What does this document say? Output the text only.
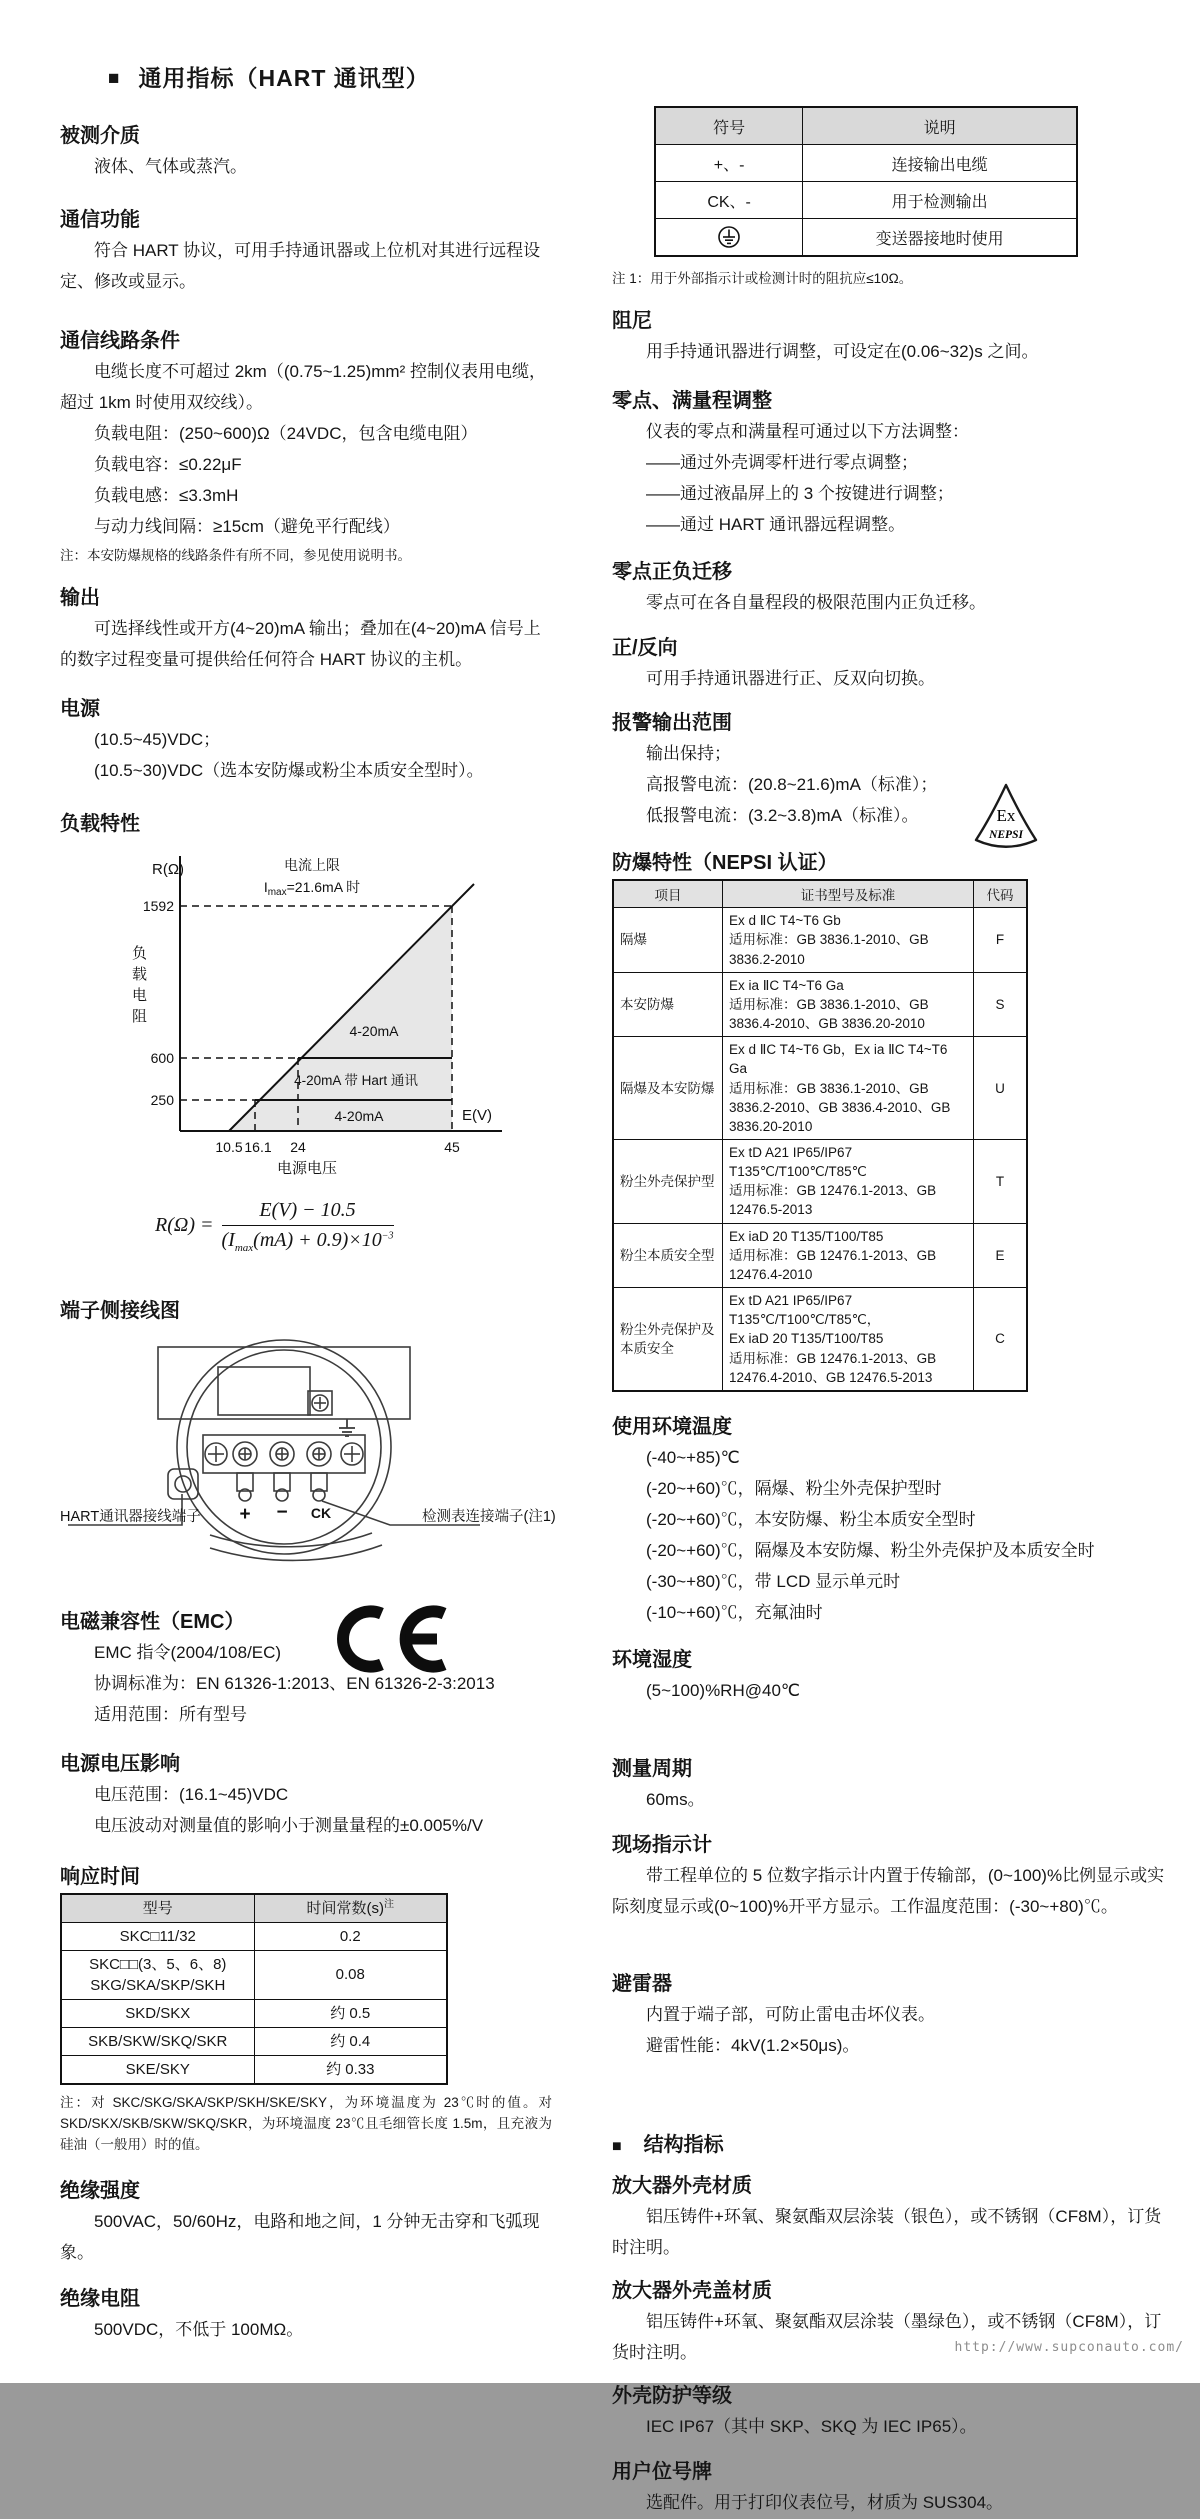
■ 通用指标（HART 通讯型）
被测介质

液体、气体或蒸汽。

通信功能

符合 HART 协议，可用手持通讯器或上位机对其进行远程设定、修改或显示。

通信线路条件

电缆长度不可超过 2km（(0.75~1.25)mm² 控制仪表用电缆，超过 1km 时使用双绞线）。

负载电阻：(250~600)Ω（24VDC，包含电缆电阻）

负载电容：≤0.22μF

负载电感：≤3.3mH

与动力线间隔：≥15cm（避免平行配线）

注：本安防爆规格的线路条件有所不同，参见使用说明书。
输出

可选择线性或开方(4~20)mA 输出；叠加在(4~20)mA 信号上的数字过程变量可提供给任何符合 HART 协议的主机。

电源

(10.5~45)VDC；

(10.5~30)VDC（选本安防爆或粉尘本质安全型时）。

负载特性
R(Ω)
负 载 电 阻
1592
600
250
电流上限
$I_{max}=21.6mA$ 时
4-20mA
4-20mA 带 Hart 通讯
4-20mA	E(V)
10.5 16.1 24	45
电源电压
$R(\Omega) = \frac{E(V) - 10.5}{(I_{max}(mA) + 0.9)\times 10^{-3}}$
端子侧接线图
+ − CK
HART通讯器接线端子	检测表连接端子(注1)
电磁兼容性（EMC）

EMC 指令(2004/108/EC)

协调标准为：EN 61326-1:2013、EN 61326-2-3:2013

适用范围：所有型号

电源电压影响

电压范围：(16.1~45)VDC

电压波动对测量值的影响小于测量量程的±0.005%/V

响应时间
型号	时间常数$(s)^注$
SKC□11/32	0.2

SKC□□(3、5、6、8)
SKG/SKA/SKP/SKH	0.08
SKD/SKX	约 0.5
SKB/SKW/SKQ/SKR	约 0.4
SKE/SKY	约 0.33
注：对 SKC/SKG/SKA/SKP/SKH/SKE/SKY，为环境温度为 23℃时的值。对 SKD/SKX/SKB/SKW/SKQ/SKR，为环境温度 23℃且毛细管长度 1.5m，且充液为硅油（一般用）时的值。
绝缘强度

500VAC，50/60Hz，电路和地之间，1 分钟无击穿和飞弧现象。

绝缘电阻

500VDC，不低于 100MΩ。

符号	说明
+、-	连接输出电缆
CK、-	用于检测输出
	变送器接地时使用
注 1：用于外部指示计或检测计时的阻抗应≤10Ω。
阻尼

用手持通讯器进行调整，可设定在(0.06~32)s 之间。

零点、满量程调整

仪表的零点和满量程可通过以下方法调整：

——通过外壳调零杆进行零点调整；

——通过液晶屏上的 3 个按键进行调整；

——通过 HART 通讯器远程调整。

零点正负迁移

零点可在各自量程段的极限范围内正负迁移。

正/反向

可用手持通讯器进行正、反双向切换。

报警输出范围

输出保持；

高报警电流：(20.8~21.6)mA（标准）；

低报警电流：(3.2~3.8)mA（标准）。	Ex
NEPSI
防爆特性（NEPSI 认证）
项目	证书型号及标准	代码
隔爆	Ex d ⅡC T4~T6 Gb
适用标准：GB 3836.1-2010、GB 3836.2-2010	F
本安防爆	Ex ia ⅡC T4~T6 Ga
适用标准：GB 3836.1-2010、GB 3836.4-2010、GB 3836.20-2010	S
隔爆及本安防爆	Ex d ⅡC T4~T6 Gb，Ex ia ⅡC T4~T6 Ga
适用标准：GB 3836.1-2010、GB 3836.2-2010、GB 3836.4-2010、GB 3836.20-2010	U
粉尘外壳保护型	Ex tD A21 IP65/IP67 T135℃/T100℃/T85℃
适用标准：GB 12476.1-2013、GB 12476.5-2013	T
粉尘本质安全型	Ex iaD 20 T135/T100/T85
适用标准：GB 12476.1-2013、GB 12476.4-2010	E
粉尘外壳保护及本质安全	Ex tD A21 IP65/IP67 T135℃/T100℃/T85℃，
Ex iaD 20 T135/T100/T85
适用标准：GB 12476.1-2013、GB 12476.4-2010、GB 12476.5-2013	C
使用环境温度

(-40~+85)℃

(-20~+60)℃，隔爆、粉尘外壳保护型时

(-20~+60)℃，本安防爆、粉尘本质安全型时

(-20~+60)℃，隔爆及本安防爆、粉尘外壳保护及本质安全时

(-30~+80)℃，带 LCD 显示单元时

(-10~+60)℃，充氟油时

环境湿度

(5~100)%RH@40℃

测量周期

60ms。

现场指示计

带工程单位的 5 位数字指示计内置于传输部，(0~100)%比例显示或实际刻度显示或(0~100)%开平方显示。工作温度范围：(-30~+80)℃。

避雷器

内置于端子部，可防止雷电击坏仪表。

避雷性能：4kV(1.2×50μs)。

■ 结构指标
放大器外壳材质

铝压铸件+环氧、聚氨酯双层涂装（银色），或不锈钢（CF8M），订货时注明。

放大器外壳盖材质

铝压铸件+环氧、聚氨酯双层涂装（墨绿色），或不锈钢（CF8M），订货时注明。

外壳防护等级

IEC IP67（其中 SKP、SKQ 为 IEC IP65）。

用户位号牌

选配件。用于打印仪表位号，材质为 SUS304。

http://www.supconauto.com/
